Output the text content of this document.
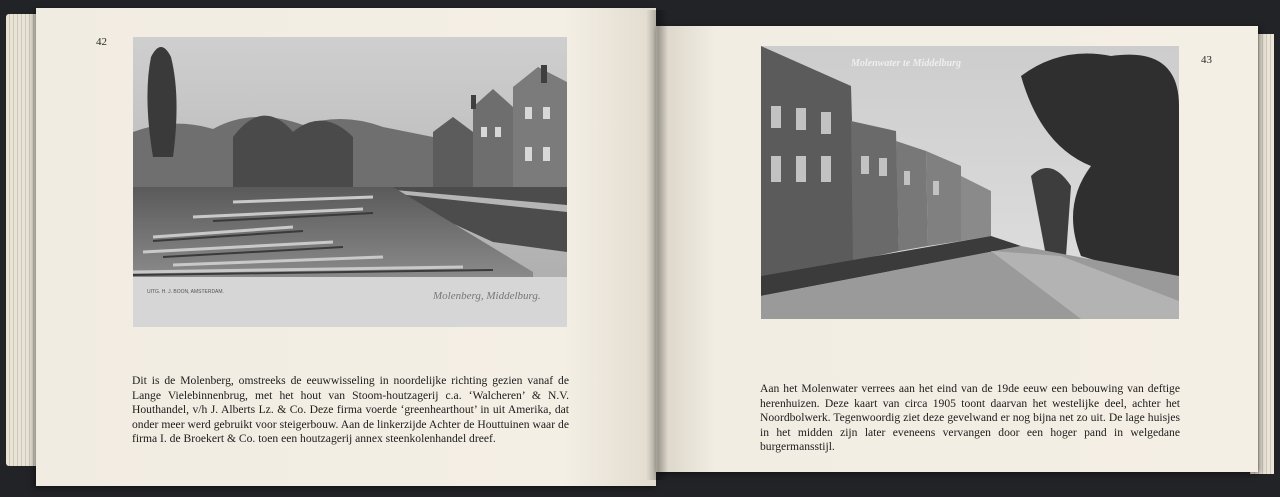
42
UITG. H. J. BOON, AMSTERDAM.	Molenberg, Middelburg.

Dit is de Molenberg, omstreeks de eeuwwisseling in noordelijke richting gezien vanaf de Lange Vielebinnenbrug, met het hout van Stoom-houtzagerij c.a. ‘Walcheren’ & N.V. Houthandel, v/h J. Alberts Lz. & Co. Deze firma voerde ‘greenhearthout’ in uit Amerika, dat onder meer werd gebruikt voor steigerbouw. Aan de linkerzijde Achter de Houttuinen waar de firma I. de Broekert & Co. toen een houtzagerij annex steenkolenhandel dreef.

43
Molenwater te Middelburg

Aan het Molenwater verrees aan het eind van de 19de eeuw een bebouwing van deftige herenhuizen. Deze kaart van circa 1905 toont daarvan het westelijke deel, achter het Noordbolwerk. Tegenwoordig ziet deze gevelwand er nog bijna net zo uit. De lage huisjes in het midden zijn later eveneens vervangen door een hoger pand in welgedane burgermansstijl.
